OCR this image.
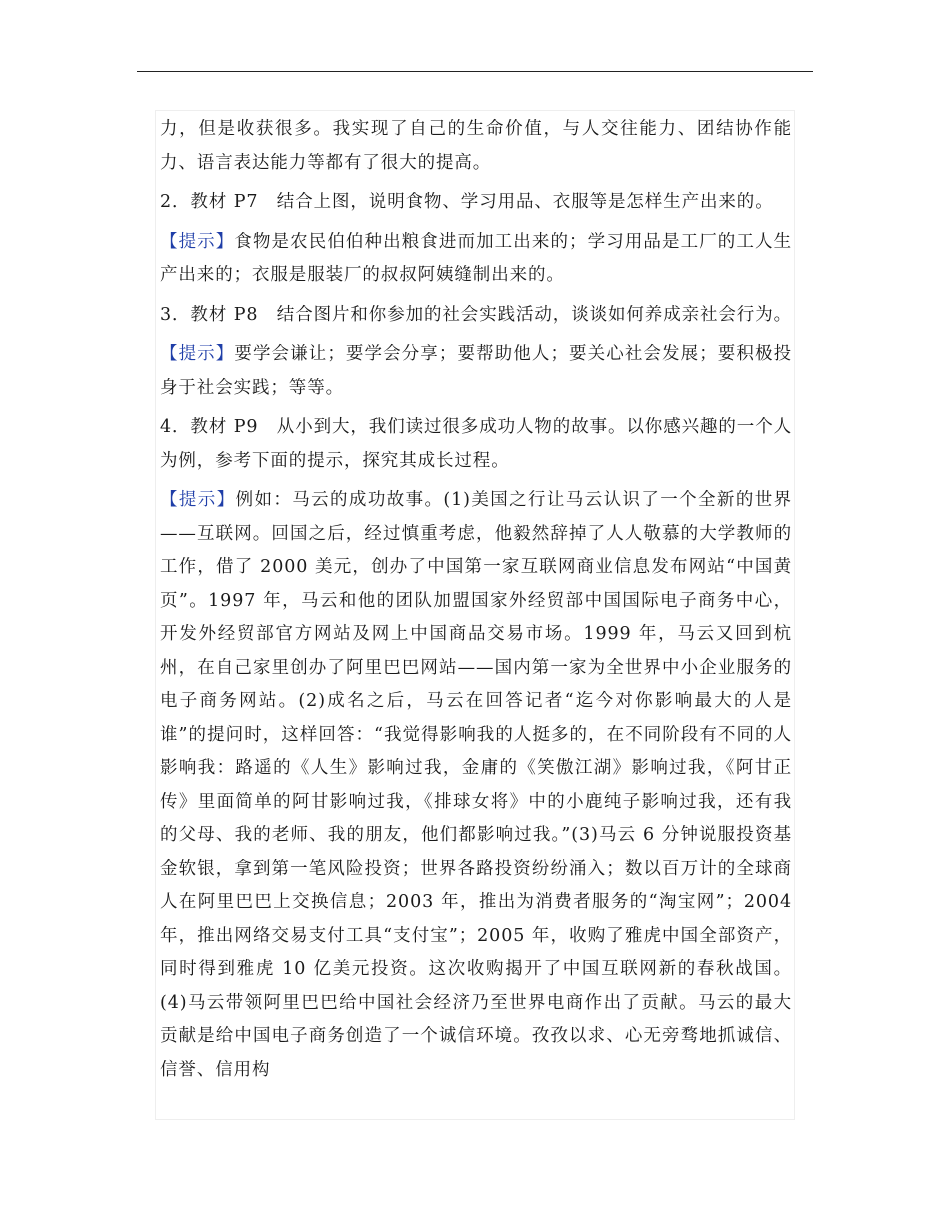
力，但是收获很多。我实现了自己的生命价值，与人交往能力、团结协作能力、语言表达能力等都有了很大的提高。

2．教材 P7　结合上图，说明食物、学习用品、衣服等是怎样生产出来的。

【提示】食物是农民伯伯种出粮食进而加工出来的；学习用品是工厂的工人生产出来的；衣服是服装厂的叔叔阿姨缝制出来的。

3．教材 P8　结合图片和你参加的社会实践活动，谈谈如何养成亲社会行为。

【提示】要学会谦让；要学会分享；要帮助他人；要关心社会发展；要积极投身于社会实践；等等。

4．教材 P9　从小到大，我们读过很多成功人物的故事。以你感兴趣的一个人为例，参考下面的提示，探究其成长过程。

【提示】例如：马云的成功故事。(1)美国之行让马云认识了一个全新的世界——互联网。回国之后，经过慎重考虑，他毅然辞掉了人人敬慕的大学教师的工作，借了 2000 美元，创办了中国第一家互联网商业信息发布网站“中国黄页”。1997 年，马云和他的团队加盟国家外经贸部中国国际电子商务中心，开发外经贸部官方网站及网上中国商品交易市场。1999 年，马云又回到杭州，在自己家里创办了阿里巴巴网站——国内第一家为全世界中小企业服务的电子商务网站。(2)成名之后，马云在回答记者“迄今对你影响最大的人是谁”的提问时，这样回答：“我觉得影响我的人挺多的，在不同阶段有不同的人影响我：路遥的《人生》影响过我，金庸的《笑傲江湖》影响过我，《阿甘正传》里面简单的阿甘影响过我，《排球女将》中的小鹿纯子影响过我，还有我的父母、我的老师、我的朋友，他们都影响过我。”(3)马云 6 分钟说服投资基金软银，拿到第一笔风险投资；世界各路投资纷纷涌入；数以百万计的全球商人在阿里巴巴上交换信息；2003 年，推出为消费者服务的“淘宝网”；2004 年，推出网络交易支付工具“支付宝”；2005 年，收购了雅虎中国全部资产，同时得到雅虎 10 亿美元投资。这次收购揭开了中国互联网新的春秋战国。(4)马云带领阿里巴巴给中国社会经济乃至世界电商作出了贡献。马云的最大贡献是给中国电子商务创造了一个诚信环境。孜孜以求、心无旁骛地抓诚信、信誉、信用构
